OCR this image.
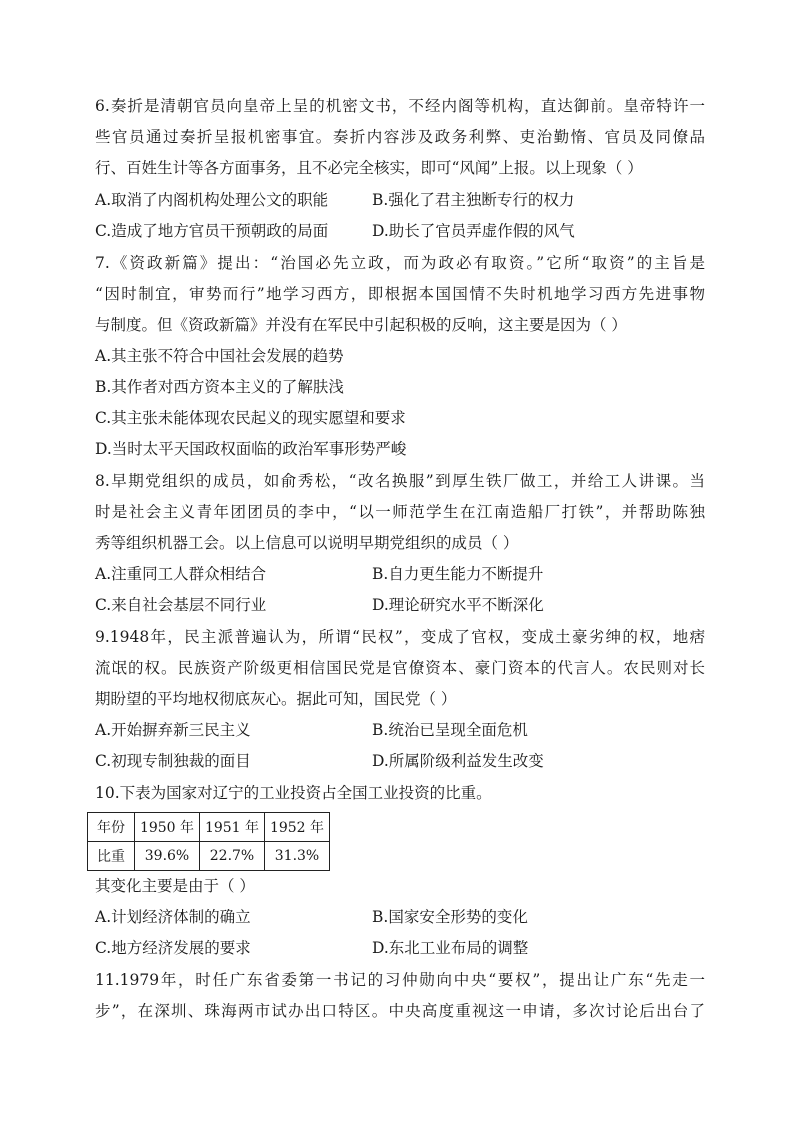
6.奏折是清朝官员向皇帝上呈的机密文书，不经内阁等机构，直达御前。皇帝特许一
些官员通过奏折呈报机密事宜。奏折内容涉及政务利弊、吏治勤惰、官员及同僚品
行、百姓生计等各方面事务，且不必完全核实，即可“风闻”上报。以上现象（ ）
A.取消了内阁机构处理公文的职能	B.强化了君主独断专行的权力
C.造成了地方官员干预朝政的局面	D.助长了官员弄虚作假的风气
7.《资政新篇》提出：“治国必先立政，而为政必有取资。”它所“取资”的主旨是
“因时制宜，审势而行”地学习西方，即根据本国国情不失时机地学习西方先进事物
与制度。但《资政新篇》并没有在军民中引起积极的反响，这主要是因为（ ）
A.其主张不符合中国社会发展的趋势
B.其作者对西方资本主义的了解肤浅
C.其主张未能体现农民起义的现实愿望和要求
D.当时太平天国政权面临的政治军事形势严峻
8.早期党组织的成员，如俞秀松，“改名换服”到厚生铁厂做工，并给工人讲课。当
时是社会主义青年团团员的李中，“以一师范学生在江南造船厂打铁”，并帮助陈独
秀等组织机器工会。以上信息可以说明早期党组织的成员（ ）
A.注重同工人群众相结合	B.自力更生能力不断提升
C.来自社会基层不同行业	D.理论研究水平不断深化
9.1948年，民主派普遍认为，所谓“民权”，变成了官权，变成土豪劣绅的权，地痞
流氓的权。民族资产阶级更相信国民党是官僚资本、豪门资本的代言人。农民则对长
期盼望的平均地权彻底灰心。据此可知，国民党（ ）
A.开始摒弃新三民主义	B.统治已呈现全面危机
C.初现专制独裁的面目	D.所属阶级利益发生改变
10.下表为国家对辽宁的工业投资占全国工业投资的比重。
年份	1950 年	1951 年	1952 年
比重	39.6%	22.7%	31.3%
其变化主要是由于（ ）
A.计划经济体制的确立	B.国家安全形势的变化
C.地方经济发展的要求	D.东北工业布局的调整
11.1979年，时任广东省委第一书记的习仲勋向中央“要权”，提出让广东“先走一
步”，在深圳、珠海两市试办出口特区。中央高度重视这一申请，多次讨论后出台了
